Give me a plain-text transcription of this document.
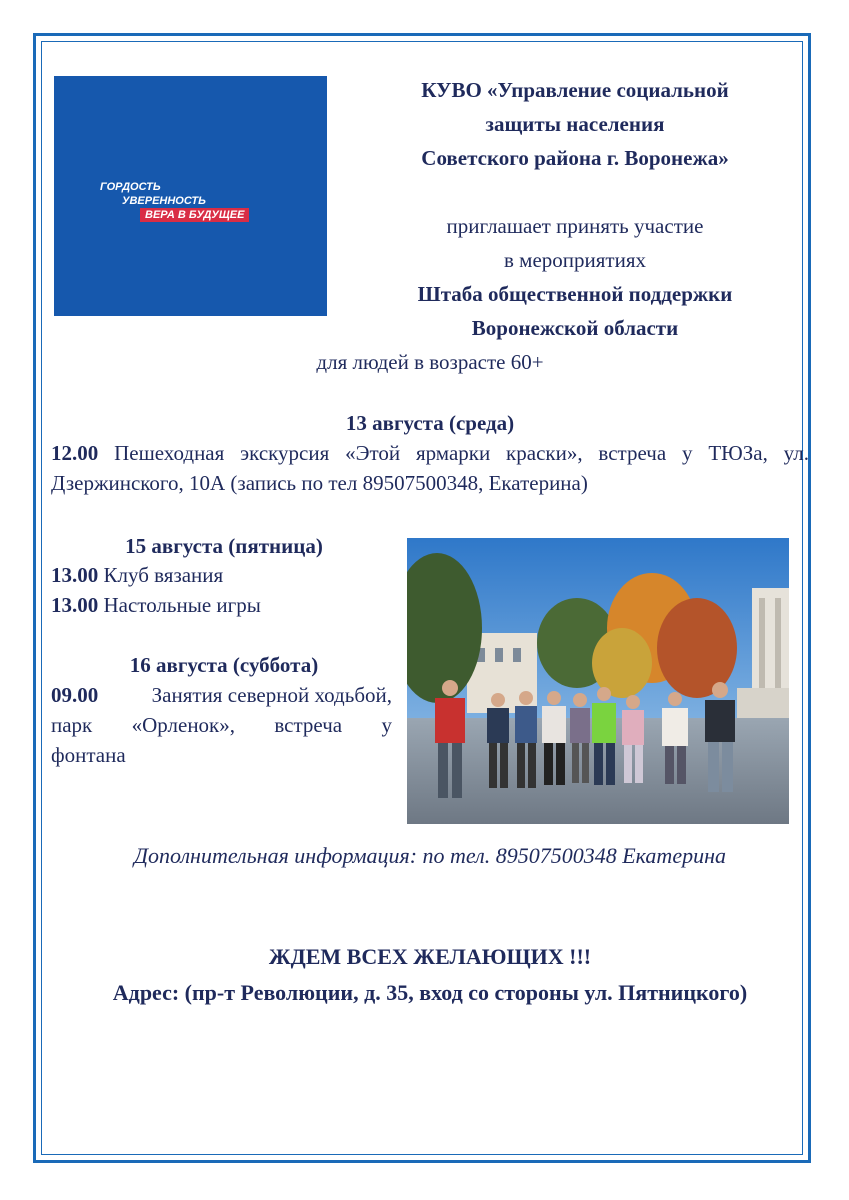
ГОРДОСТЬ
УВЕРЕННОСТЬ
ВЕРА В БУДУЩЕЕ
КУВО «Управление социальной
защиты населения
Советского района г. Воронежа»
приглашает принять участие
в мероприятиях
Штаба общественной поддержки
Воронежской области
для людей в возрасте 60+
13 августа (среда)
12.00 Пешеходная экскурсия «Этой ярмарки краски», встреча у ТЮЗа, ул.
Дзержинского, 10А (запись по тел 89507500348, Екатерина)
15 августа (пятница)
13.00 Клуб вязания
13.00 Настольные игры
16 августа (суббота)
09.00	Занятия северной ходьбой,
парк «Орленок», встреча у
фонтана
Дополнительная информация: по тел. 89507500348 Екатерина
ЖДЕМ ВСЕХ ЖЕЛАЮЩИХ !!!
Адрес: (пр-т Революции, д. 35, вход со стороны ул. Пятницкого)
